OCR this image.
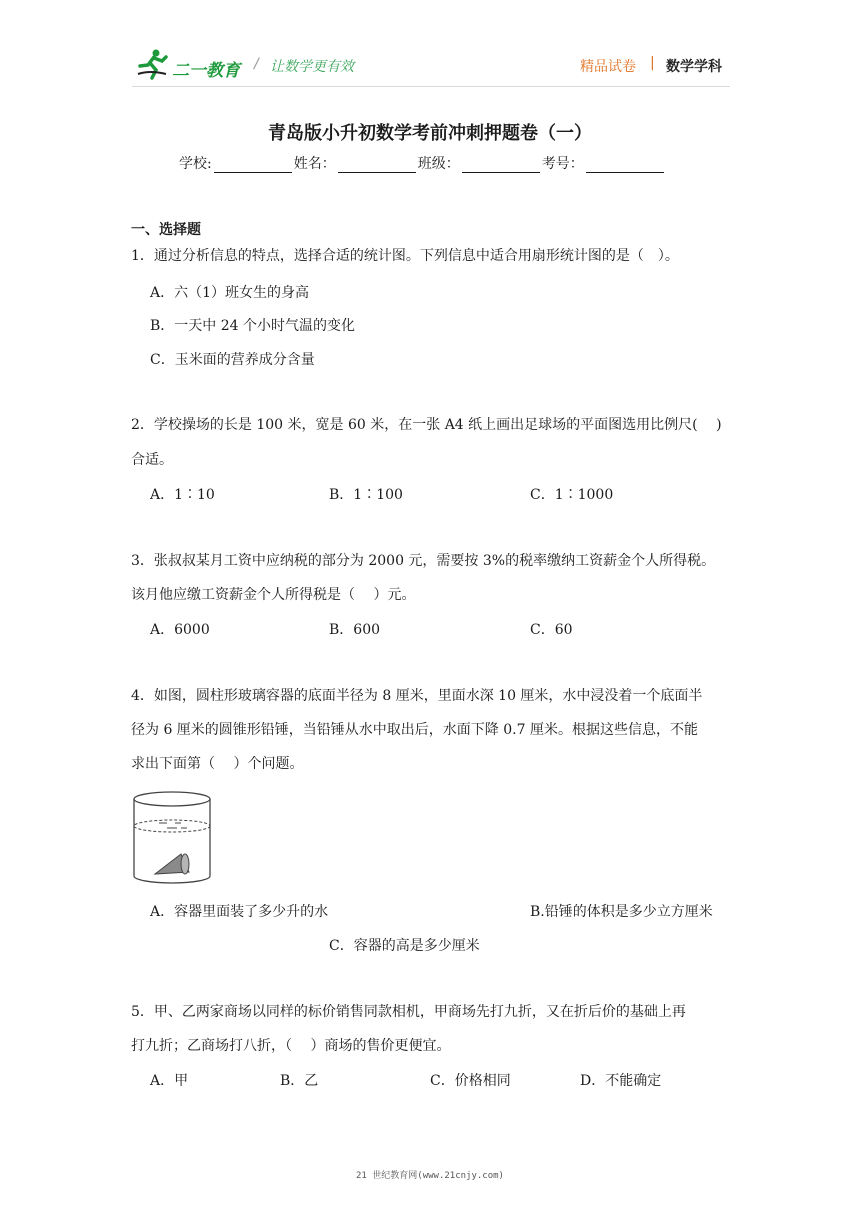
二一教育 / 让数学更有效	精品试卷 | 数学学科
青岛版小升初数学考前冲刺押题卷（一）
学校:	姓名：	班级：	考号：
一、选择题
1．通过分析信息的特点，选择合适的统计图。下列信息中适合用扇形统计图的是（　）。
A．六（1）班女生的身高
B．一天中 24 个小时气温的变化
C．玉米面的营养成分含量
2．学校操场的长是 100 米，宽是 60 米，在一张 A4 纸上画出足球场的平面图选用比例尺(　 )
合适。
A．1∶10	B．1∶100	C．1∶1000
3．张叔叔某月工资中应纳税的部分为 2000 元，需要按 3%的税率缴纳工资薪金个人所得税。
该月他应缴工资薪金个人所得税是（　 ）元。
A．6000	B．600	C．60
4．如图，圆柱形玻璃容器的底面半径为 8 厘米，里面水深 10 厘米，水中浸没着一个底面半
径为 6 厘米的圆锥形铅锤，当铅锤从水中取出后，水面下降 0.7 厘米。根据这些信息，不能
求出下面第（　 ）个问题。
A．容器里面装了多少升的水	B.铅锤的体积是多少立方厘米
C．容器的高是多少厘米
5．甲、乙两家商场以同样的标价销售同款相机，甲商场先打九折，又在折后价的基础上再
打九折；乙商场打八折，（　 ）商场的售价更便宜。
A．甲	B．乙	C．价格相同	D．不能确定
21 世纪教育网(www.21cnjy.com)
